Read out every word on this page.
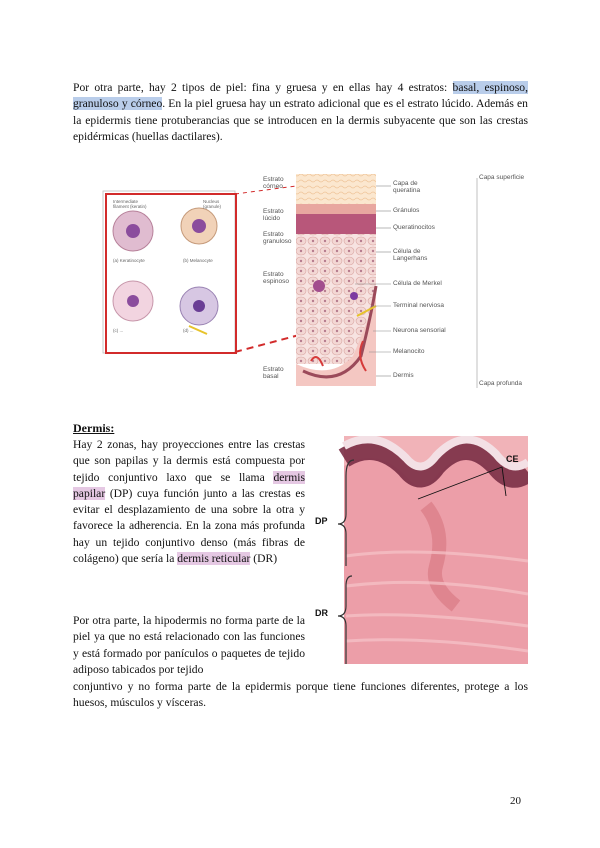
Por otra parte, hay 2 tipos de piel: fina y gruesa y en ellas hay 4 estratos: basal, espinoso, granuloso y córneo. En la piel gruesa hay un estrato adicional que es el estrato lúcido. Además en la epidermis tiene protuberancias que se introducen en la dermis subyacente que son las crestas epidérmicas (huellas dactilares).

Estrato córneo
Estrato lúcido
Estrato granuloso
Estrato espinoso
Estrato basal
Capa de queratina
Gránulos
Queratinocitos
Célula de Langerhans
Célula de Merkel
Terminal nerviosa
Neurona sensorial
Melanocito
Dermis
Capa superficie
Capa profunda
Intermediate filament (keratin)
Nucleus (granule)
(a) Keratinocyte	(b) Melanocyte
(c) ...	(d) ...
Dermis:

Hay 2 zonas, hay proyecciones entre las crestas que son papilas y la dermis está compuesta por tejido conjuntivo laxo que se llama dermis papilar (DP) cuya función junto a las crestas es evitar el desplazamiento de una sobre la otra y favorece la adherencia. En la zona más profunda hay un tejido conjuntivo denso (más fibras de colágeno) que sería la dermis reticular (DR)

Por otra parte, la hipodermis no forma parte de la piel ya que no está relacionado con las funciones y está formado por panículos o paquetes de tejido adiposo tabicados por tejido

conjuntivo y no forma parte de la epidermis porque tiene funciones diferentes, protege a los huesos, músculos y vísceras.

CE
DP
DR
20
